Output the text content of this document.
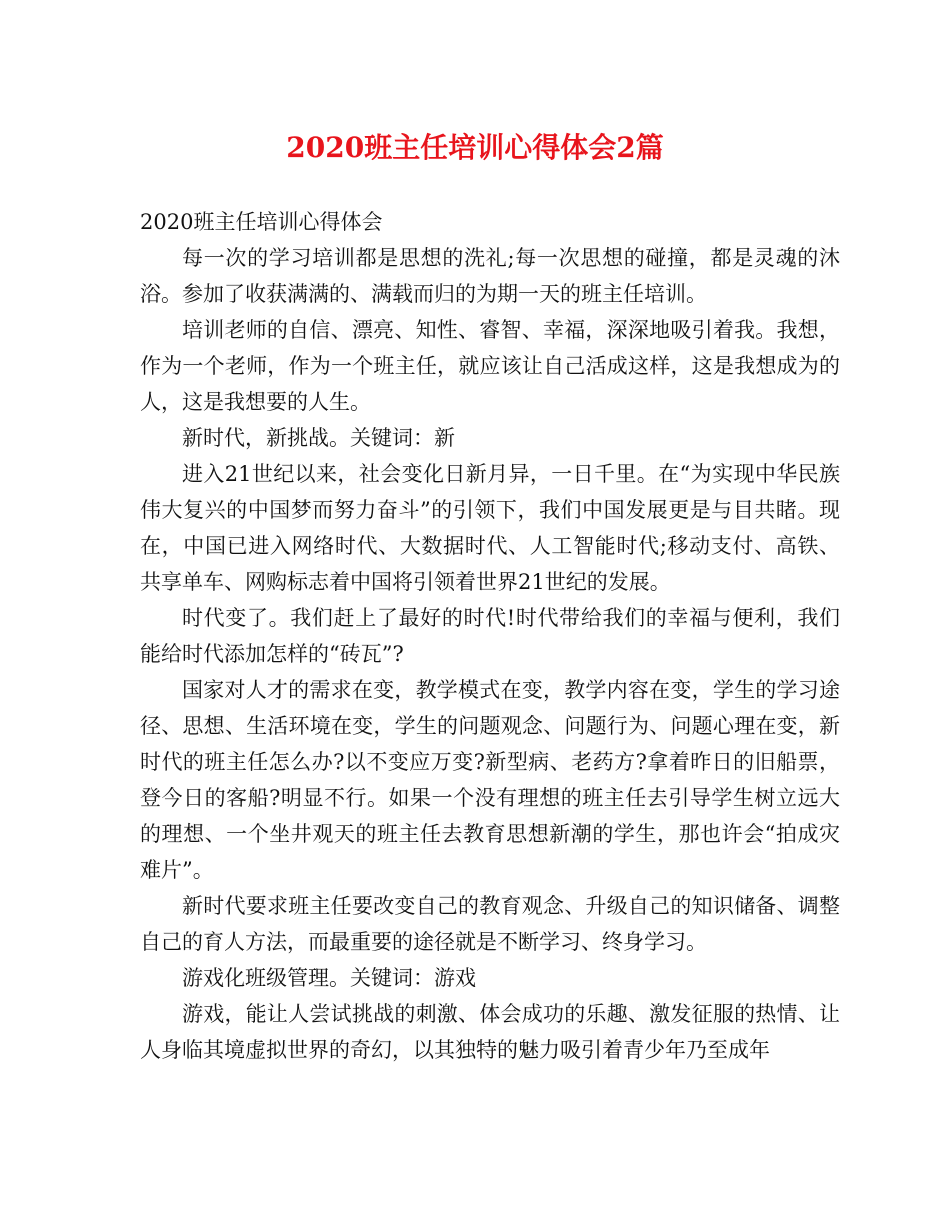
2020班主任培训心得体会2篇

2020班主任培训心得体会

每一次的学习培训都是思想的洗礼;每一次思想的碰撞，都是灵魂的沐浴。参加了收获满满的、满载而归的为期一天的班主任培训。

培训老师的自信、漂亮、知性、睿智、幸福，深深地吸引着我。我想，作为一个老师，作为一个班主任，就应该让自己活成这样，这是我想成为的人，这是我想要的人生。

新时代，新挑战。关键词：新

进入21世纪以来，社会变化日新月异，一日千里。在“为实现中华民族伟大复兴的中国梦而努力奋斗”的引领下，我们中国发展更是与目共睹。现在，中国已进入网络时代、大数据时代、人工智能时代;移动支付、高铁、共享单车、网购标志着中国将引领着世界21世纪的发展。

时代变了。我们赶上了最好的时代!时代带给我们的幸福与便利，我们能给时代添加怎样的“砖瓦”?

国家对人才的需求在变，教学模式在变，教学内容在变，学生的学习途径、思想、生活环境在变，学生的问题观念、问题行为、问题心理在变，新时代的班主任怎么办?以不变应万变?新型病、老药方?拿着昨日的旧船票，登今日的客船?明显不行。如果一个没有理想的班主任去引导学生树立远大的理想、一个坐井观天的班主任去教育思想新潮的学生，那也许会“拍成灾难片”。

新时代要求班主任要改变自己的教育观念、升级自己的知识储备、调整自己的育人方法，而最重要的途径就是不断学习、终身学习。

游戏化班级管理。关键词：游戏

游戏，能让人尝试挑战的刺激、体会成功的乐趣、激发征服的热情、让人身临其境虚拟世界的奇幻，以其独特的魅力吸引着青少年乃至成年
